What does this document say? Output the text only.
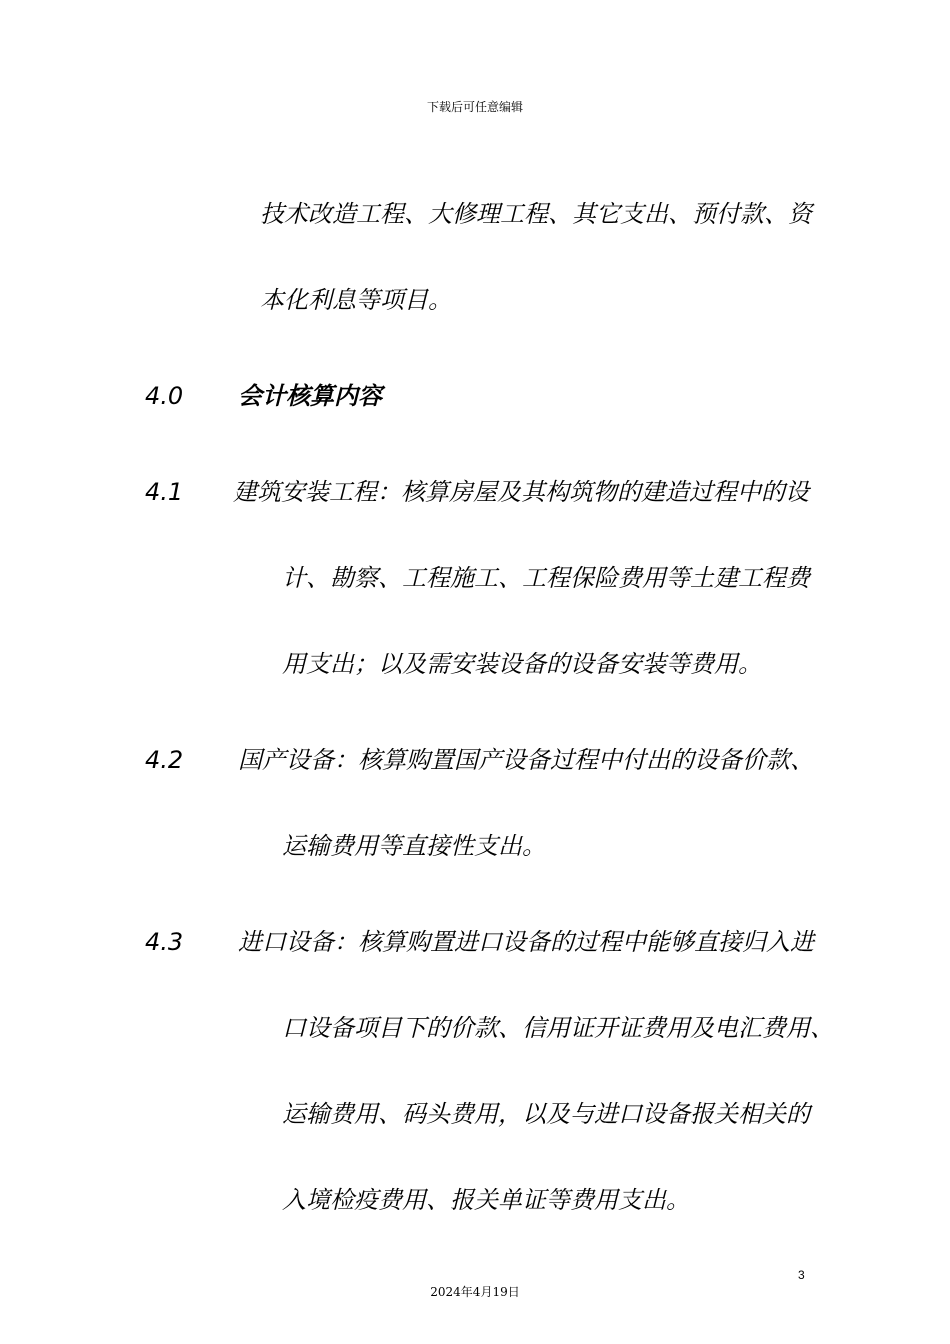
下载后可任意编辑
技术改造工程、大修理工程、其它支出、预付款、资
本化利息等项目。
4.0 会计核算内容
4.1 建筑安装工程：核算房屋及其构筑物的建造过程中的设
计、勘察、工程施工、工程保险费用等土建工程费
用支出；以及需安装设备的设备安装等费用。
4.2 国产设备：核算购置国产设备过程中付出的设备价款、
运输费用等直接性支出。
4.3 进口设备：核算购置进口设备的过程中能够直接归入进
口设备项目下的价款、信用证开证费用及电汇费用、
运输费用、码头费用，以及与进口设备报关相关的
入境检疫费用、报关单证等费用支出。
3
2024年4月19日
